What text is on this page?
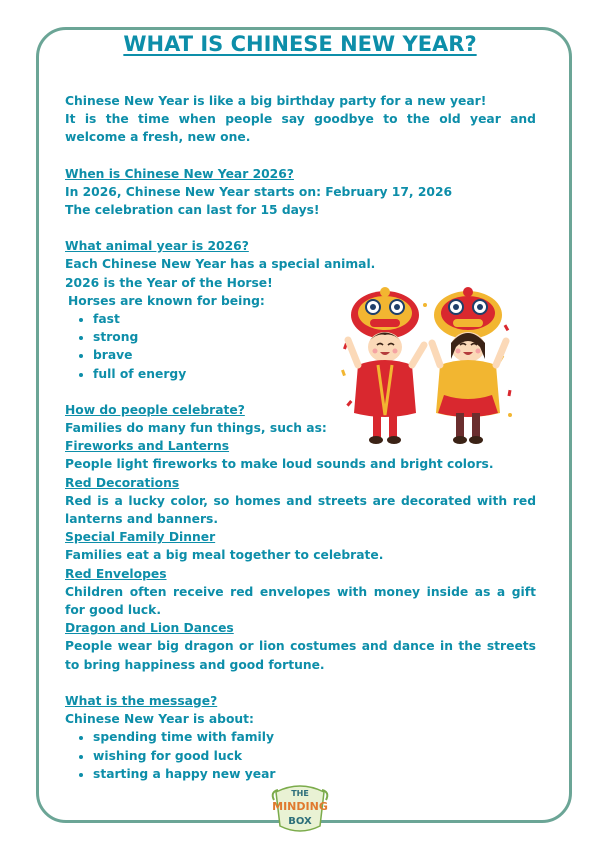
WHAT IS CHINESE NEW YEAR?

Chinese New Year is like a big birthday party for a new year!

It is the time when people say goodbye to the old year and welcome a fresh, new one.

When is Chinese New Year 2026?

In 2026, Chinese New Year starts on: February 17, 2026

The celebration can last for 15 days!

What animal year is 2026?

Each Chinese New Year has a special animal.

2026 is the Year of the Horse!

Horses are known for being:

• fast
• strong
• brave
• full of energy

How do people celebrate?

Families do many fun things, such as:

Fireworks and Lanterns

People light fireworks to make loud sounds and bright colors.

Red Decorations

Red is a lucky color, so homes and streets are decorated with red lanterns and banners.

Special Family Dinner

Families eat a big meal together to celebrate.

Red Envelopes

Children often receive red envelopes with money inside as a gift for good luck.

Dragon and Lion Dances

People wear big dragon or lion costumes and dance in the streets to bring happiness and good fortune.

What is the message?

Chinese New Year is about:

• spending time with family
• wishing for good luck
• starting a happy new year
THE
MINDING
BOX
